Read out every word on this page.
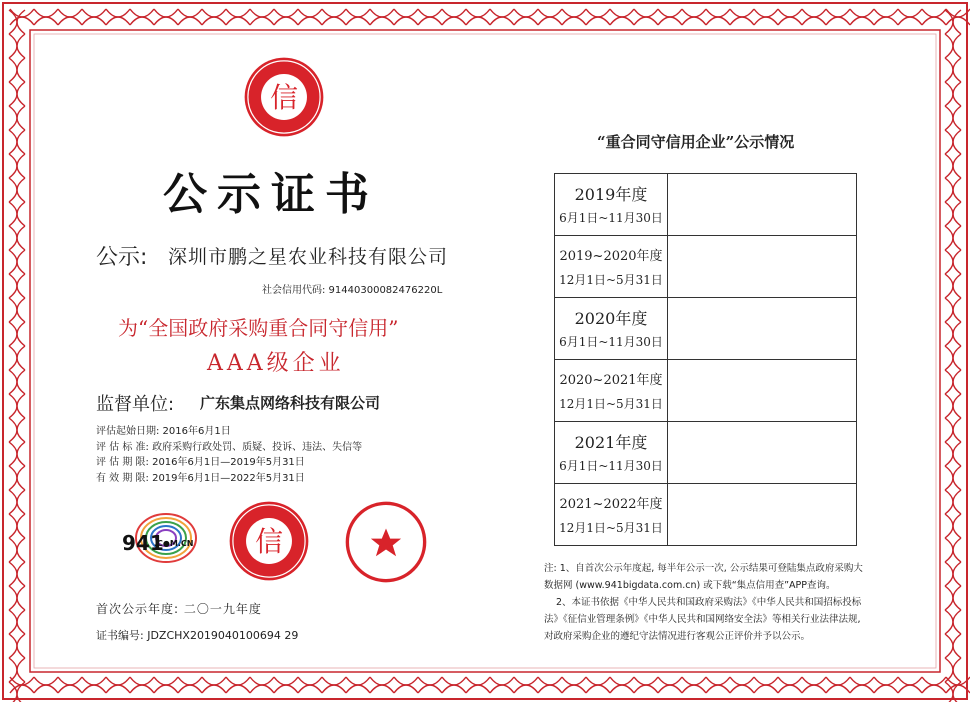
信
公示证书
公示: 深圳市鹏之星农业科技有限公司
社会信用代码: 91440300082476220L
为“全国政府采购重合同守信用”
AAA级企业
监督单位: 广东集点网络科技有限公司
评估起始日期: 2016年6月1日
评 估 标 准: 政府采购行政处罚、质疑、投诉、违法、失信等
评 估 期 限: 2016年6月1日—2019年5月31日
有 效 期 限: 2019年6月1日—2022年5月31日
941
.C●M.CN 信
首次公示年度: 二〇一九年度
证书编号: JDZCHX2019040100694 29
“重合同守信用企业”公示情况
2019年度
6月1日~11月30日	

2019~2020年度
12月1日~5月31日	

2020年度
6月1日~11月30日	

2020~2021年度
12月1日~5月31日	

2021年度
6月1日~11月30日	

2021~2022年度
12月1日~5月31日	

注: 1、自首次公示年度起, 每半年公示一次, 公示结果可登陆集点政府采购大数据网 (www.941bigdata.com.cn) 或下载“集点信用查”APP查询。

2、本证书依据《中华人民共和国政府采购法》《中华人民共和国招标投标法》《征信业管理条例》《中华人民共和国网络安全法》等相关行业法律法规, 对政府采购企业的遵纪守法情况进行客观公正评价并予以公示。
